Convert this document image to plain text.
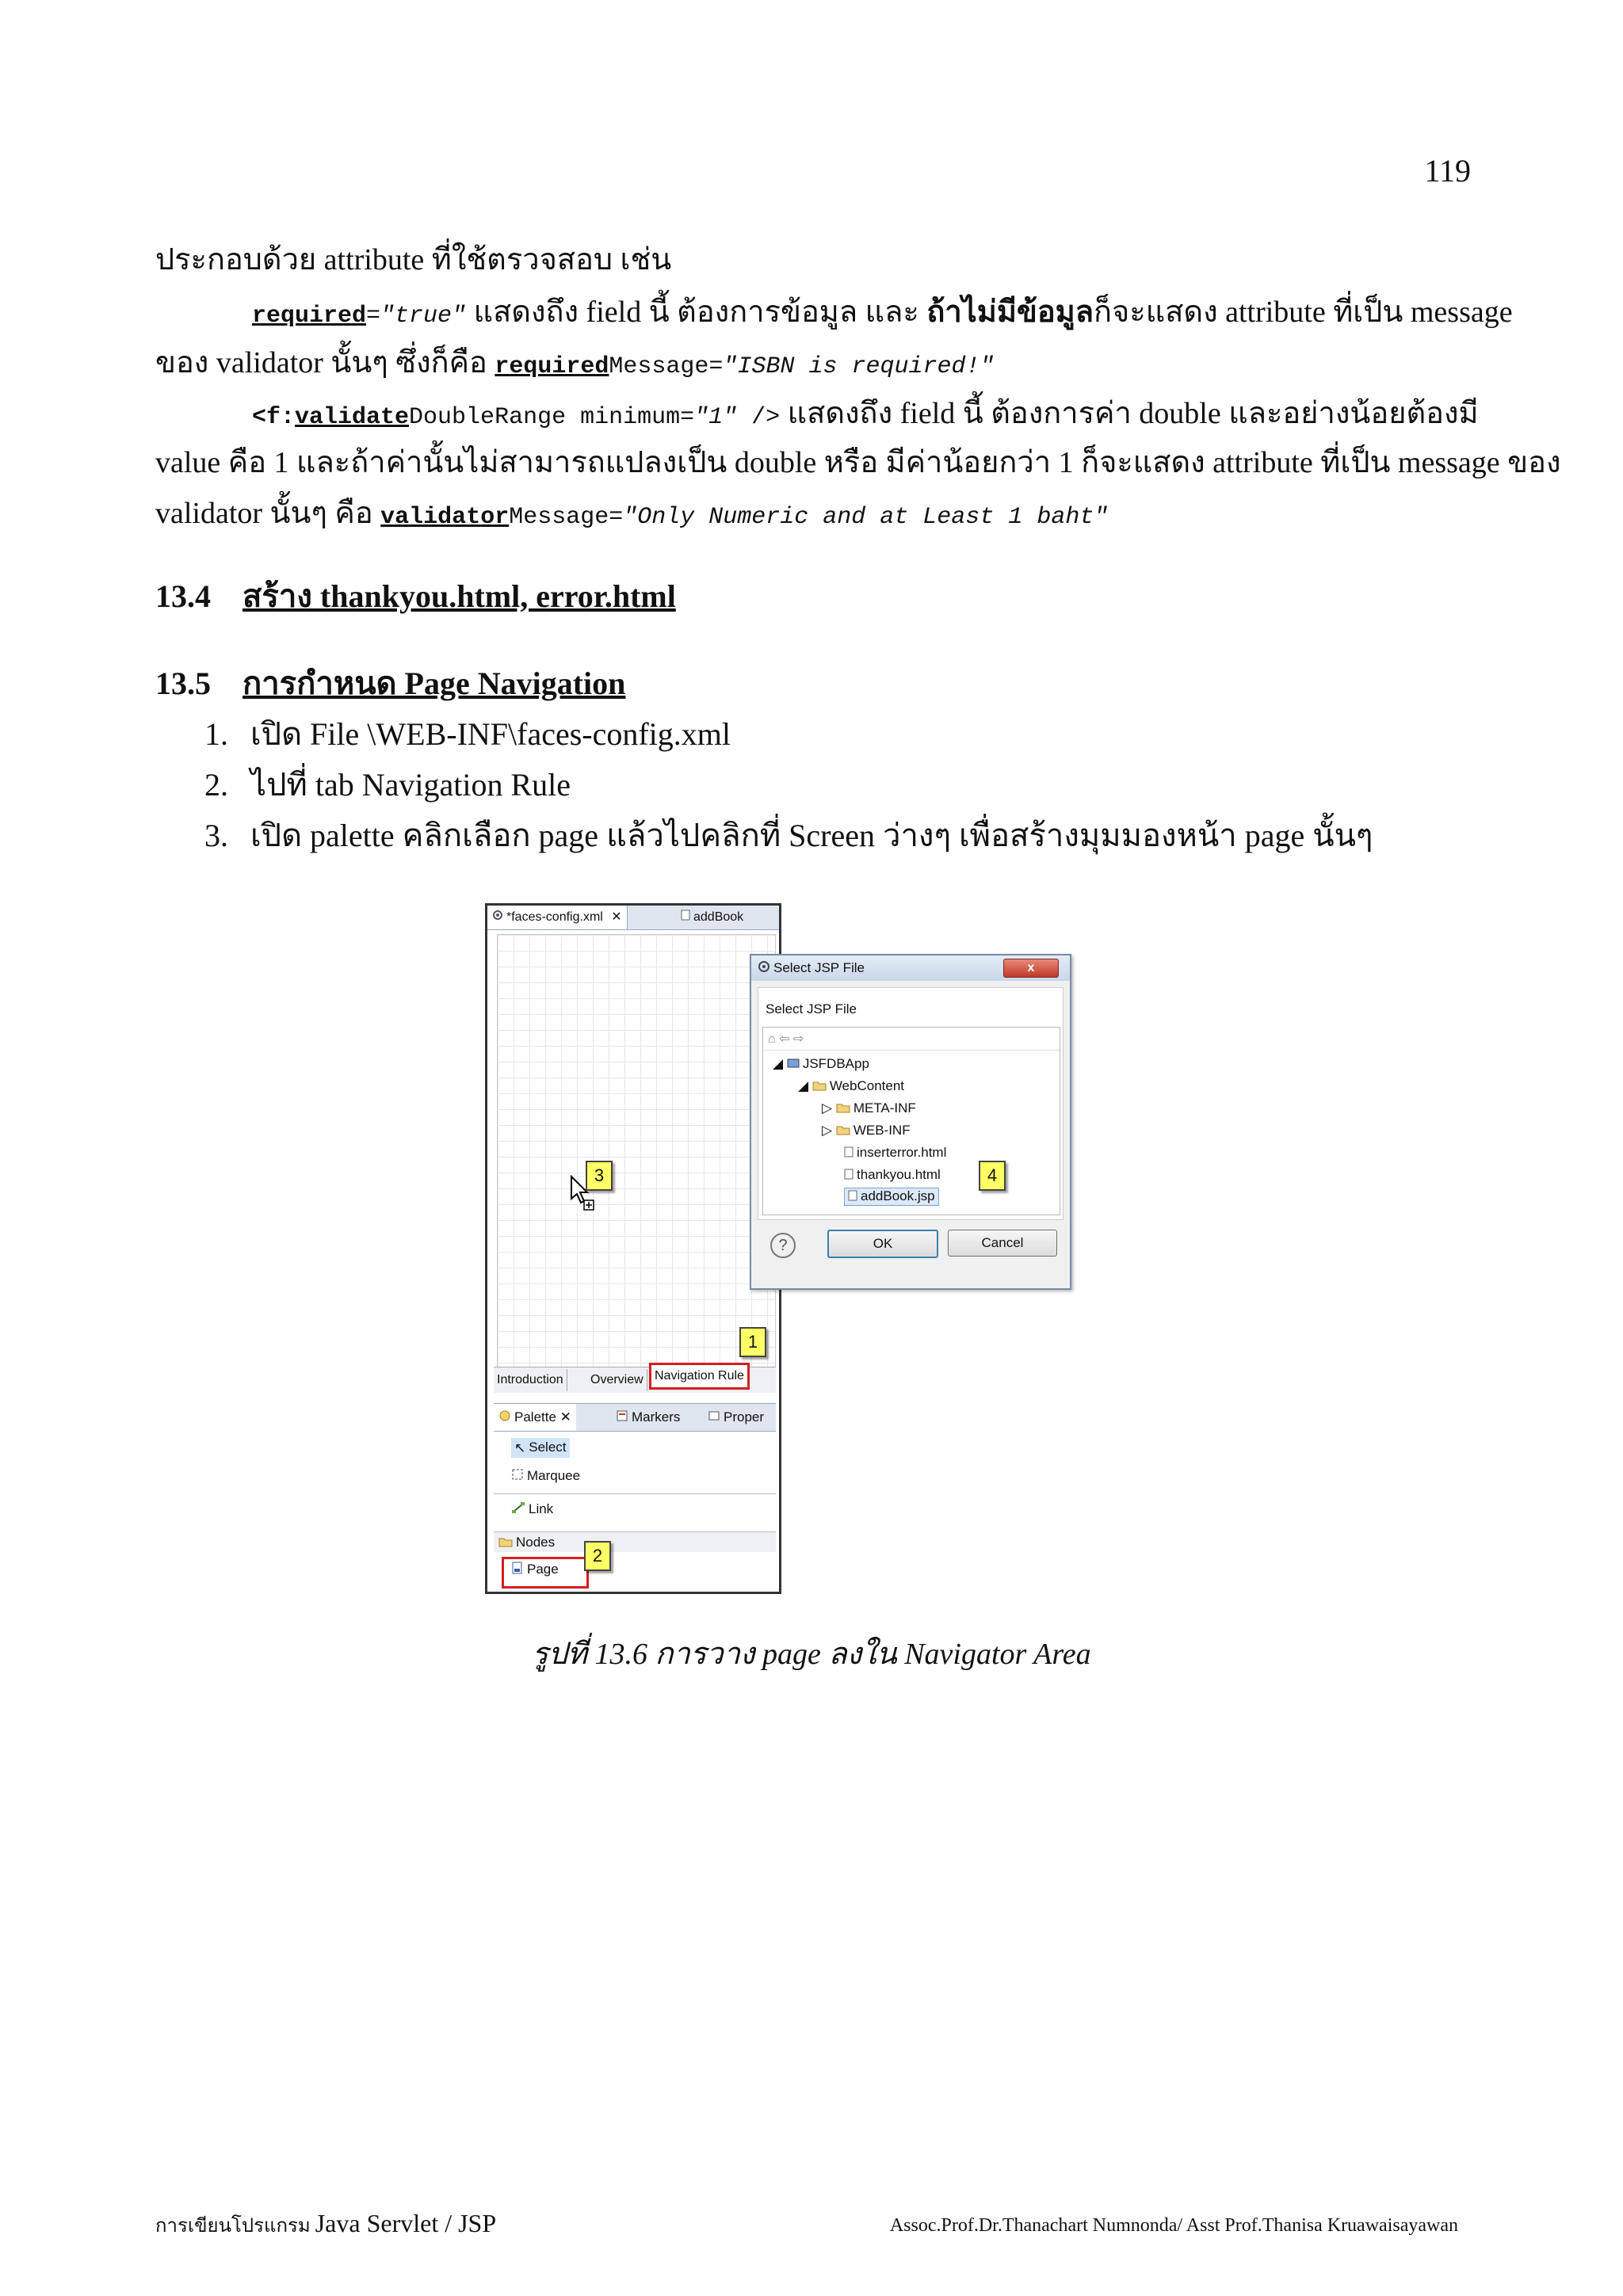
119
ประกอบด้วย attribute ที่ใช้ตรวจสอบ เช่น
required="true" แสดงถึง field นี้ ต้องการข้อมูล และ ถ้าไม่มีข้อมูลก็จะแสดง attribute ที่เป็น message
ของ validator นั้นๆ ซึ่งก็คือ requiredMessage="ISBN is required!"
<f:validateDoubleRange minimum="1" /> แสดงถึง field นี้ ต้องการค่า double และอย่างน้อยต้องมี
value คือ 1 และถ้าค่านั้นไม่สามารถแปลงเป็น double หรือ มีค่าน้อยกว่า 1 ก็จะแสดง attribute ที่เป็น message ของ
validator นั้นๆ คือ validatorMessage="Only Numeric and at Least 1 baht"
13.4 สร้าง thankyou.html, error.html
13.5 การกำหนด Page Navigation
1. เปิด File \WEB-INF\faces-config.xml
2. ไปที่ tab Navigation Rule
3. เปิด palette คลิกเลือก page แล้วไปคลิกที่ Screen ว่างๆ เพื่อสร้างมุมมองหน้า page นั้นๆ
*faces-config.xml ✕	addBook
3
1
Introduction	Overview Navigation Rule
Palette ✕	Markers	Proper
↖ Select
Marquee
Link
Nodes
Page
2
Select JSP File	x
Select JSP File
⌂ ⇦ ⇨
◢ JSFDBApp
◢ WebContent
▷ META-INF
▷ WEB-INF
inserterror.html
thankyou.html
addBook.jsp
4
?	OK	Cancel
รูปที่ 13.6 การวาง page ลงใน Navigator Area
การเขียนโปรแกรม Java Servlet / JSP	Assoc.Prof.Dr.Thanachart Numnonda/ Asst Prof.Thanisa Kruawaisayawan
